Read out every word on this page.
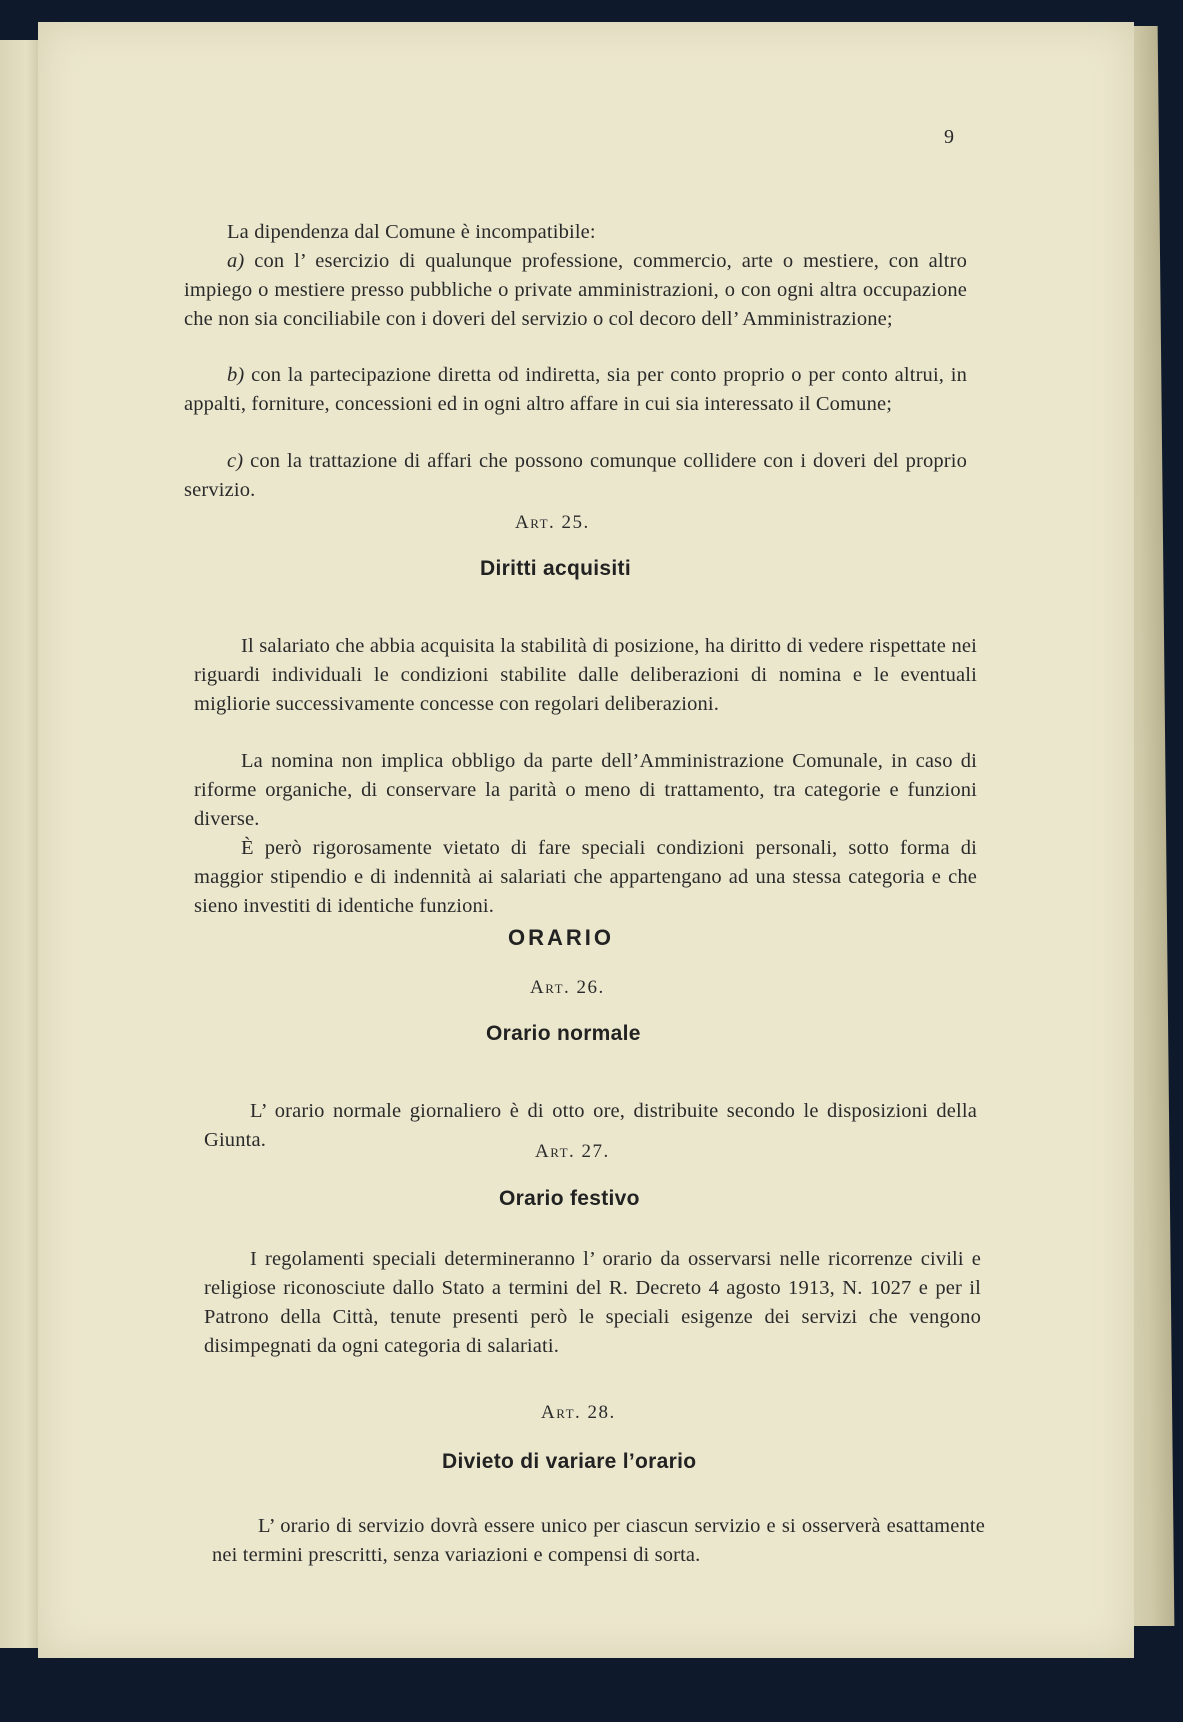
9

La dipendenza dal Comune è incompatibile:

a) con l’ esercizio di qualunque professione, commercio, arte o mestiere, con altro impiego o mestiere presso pubbliche o private amministrazioni, o con ogni altra occupazione che non sia conciliabile con i doveri del servizio o col decoro dell’ Amministrazione;

b) con la partecipazione diretta od indiretta, sia per conto proprio o per conto altrui, in appalti, forniture, concessioni ed in ogni altro affare in cui sia interessato il Comune;

c) con la trattazione di affari che possono comunque collidere con i doveri del proprio servizio.

Art. 25.
Diritti acquisiti

Il salariato che abbia acquisita la stabilità di posizione, ha diritto di vedere rispettate nei riguardi individuali le condizioni stabilite dalle deliberazioni di nomina e le eventuali migliorie successivamente concesse con regolari deliberazioni.

La nomina non implica obbligo da parte dell’Amministrazione Comunale, in caso di riforme organiche, di conservare la parità o meno di trattamento, tra categorie e funzioni diverse.

È però rigorosamente vietato di fare speciali condizioni personali, sotto forma di maggior stipendio e di indennità ai salariati che appartengano ad una stessa categoria e che sieno investiti di identiche funzioni.

ORARIO
Art. 26.
Orario normale

L’ orario normale giornaliero è di otto ore, distribuite secondo le disposizioni della Giunta.

Art. 27.
Orario festivo

I regolamenti speciali determineranno l’ orario da osservarsi nelle ricorrenze civili e religiose riconosciute dallo Stato a termini del R. Decreto 4 agosto 1913, N. 1027 e per il Patrono della Città, tenute presenti però le speciali esigenze dei servizi che vengono disimpegnati da ogni categoria di salariati.

Art. 28.
Divieto di variare l’orario

L’ orario di servizio dovrà essere unico per ciascun servizio e si osserverà esattamente nei termini prescritti, senza variazioni e compensi di sorta.
